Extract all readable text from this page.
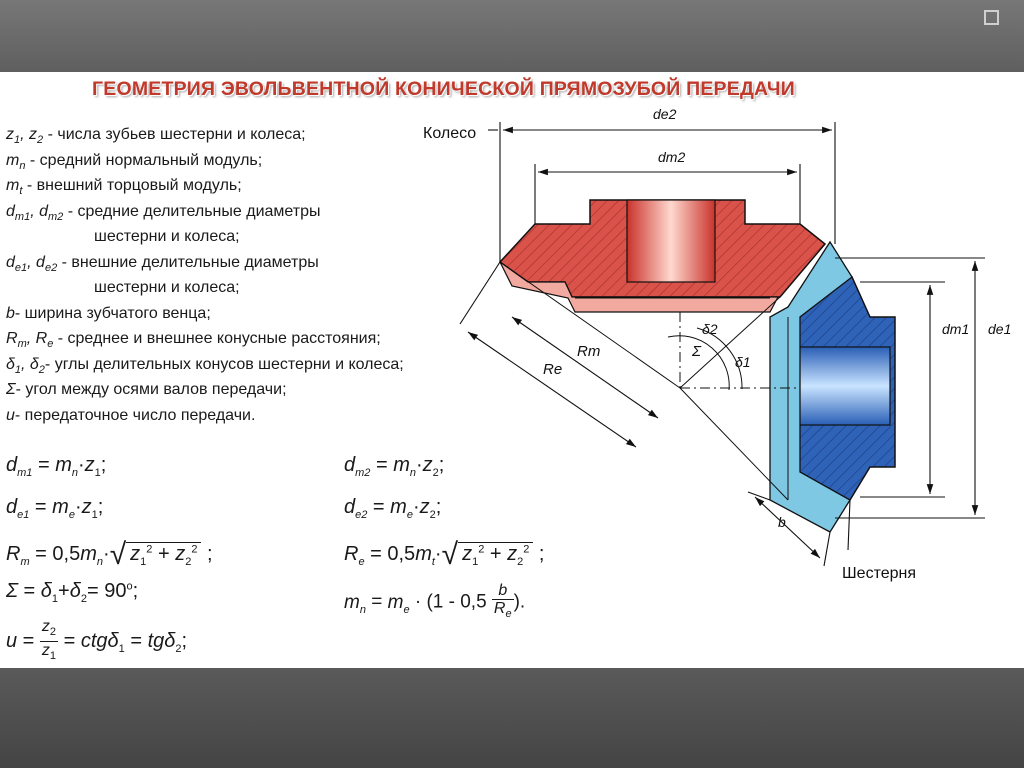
ГЕОМЕТРИЯ ЭВОЛЬВЕНТНОЙ КОНИЧЕСКОЙ ПРЯМОЗУБОЙ ПЕРЕДАЧИ
$z_1$, $z_2$ - числа зубьев шестерни и колеса;
$m_n$ - средний нормальный модуль;
$m_t$ - внешний торцовый модуль;
$d_{m1}$, $d_{m2}$ - средние делительные диаметры
шестерни и колеса;
$d_{e1}$, $d_{e2}$ - внешние делительные диаметры
шестерни и колеса;
b- ширина зубчатого венца;
$R_m$, $R_e$ - среднее и внешнее конусные расстояния;
$\delta_1$, $\delta_2-$ углы делительных конусов шестерни и колеса;
Σ- угол между осями валов передачи;
u- передаточное число передачи.
$d_{m1} = m_n\cdot z_1$;	$d_{m2} = m_n\cdot z_2$;
$d_{e1} = m_e\cdot z_1$;	$d_{e2} = m_e\cdot z_2$;
$R_m = 0,5m_n\cdot√$ $z_1^2 + z_2^2$ ;	$R_e = 0,5m_t\cdot√$ $z_1^2 + z_2^2$ ;
$\Sigma = \delta_1+\delta_2= 90^o$;
$m_n = m_e \cdot (1 - 0,5 \frac{b}{R_e})$.
$u = z_2$
$z_1 = ctg\delta_1 = tg\delta_2$;
Колесо
Шестерня
de2
dm2
dm1 de1
Rm
Re
b
δ2
δ1
Σ
